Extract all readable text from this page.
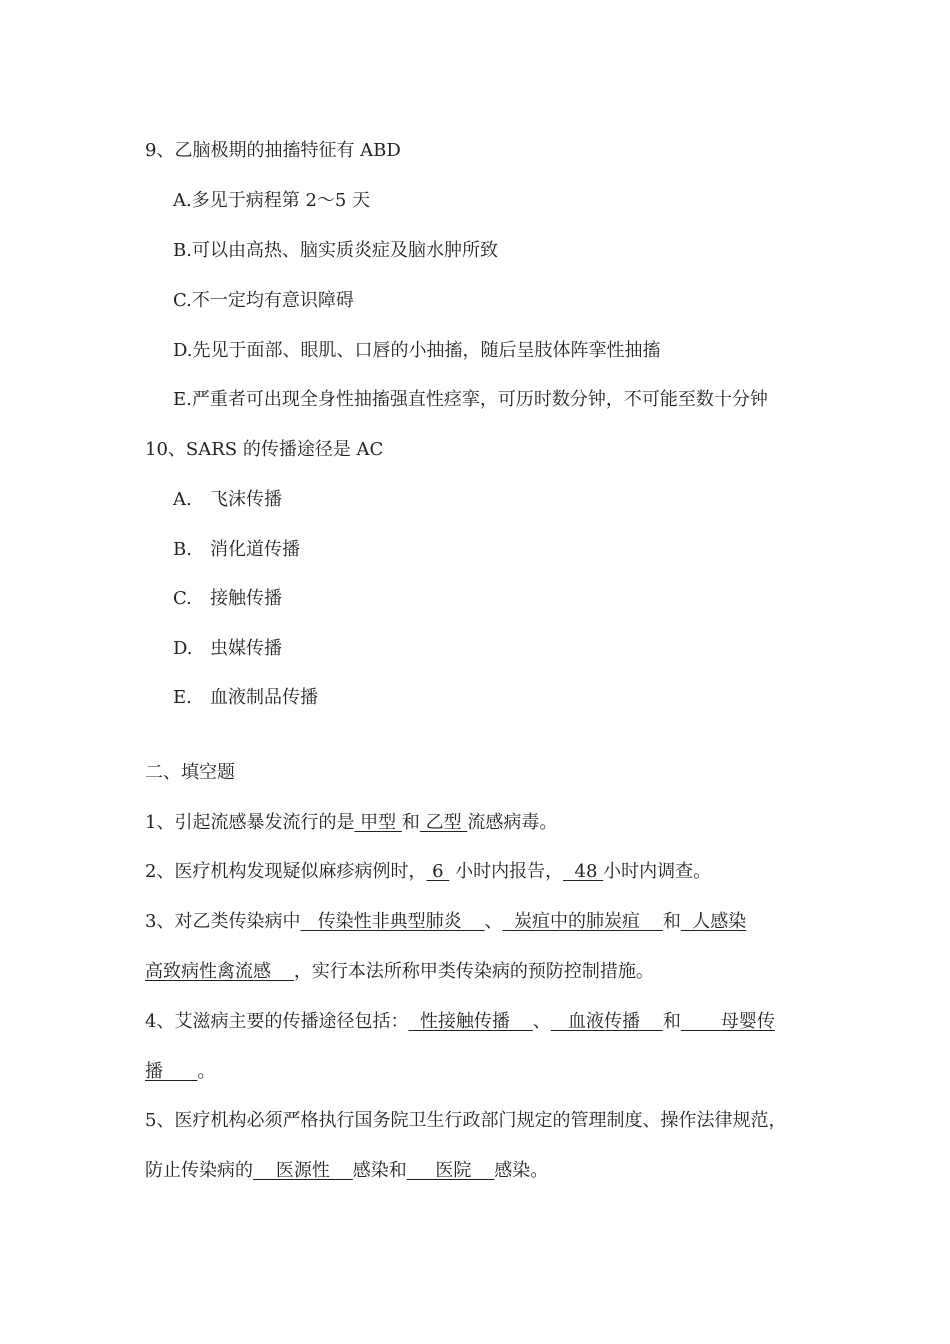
9、乙脑极期的抽搐特征有 ABD
A.多见于病程第 2～5 天
B.可以由高热、脑实质炎症及脑水肿所致
C.不一定均有意识障碍
D.先见于面部、眼肌、口唇的小抽搐，随后呈肢体阵挛性抽搐
E.严重者可出现全身性抽搐强直性痉挛，可历时数分钟，不可能至数十分钟
10、SARS 的传播途径是 AC
A. 飞沫传播
B. 消化道传播
C. 接触传播
D. 虫媒传播
E. 血液制品传播
二、填空题
1、引起流感暴发流行的是 甲型 和 乙型 流感病毒。
2、医疗机构发现疑似麻疹病例时， 6  小时内报告，  48 小时内调查。
3、对乙类传染病中   传染性非典型肺炎    、  炭疽中的肺炭疽    和  人感染
高致病性禽流感    ，实行本法所称甲类传染病的预防控制措施。
4、艾滋病主要的传播途径包括：  性接触传播    、   血液传播    和       母婴传
播      。
5、医疗机构必须严格执行国务院卫生行政部门规定的管理制度、操作法律规范，
防止传染病的    医源性    感染和     医院    感染。
